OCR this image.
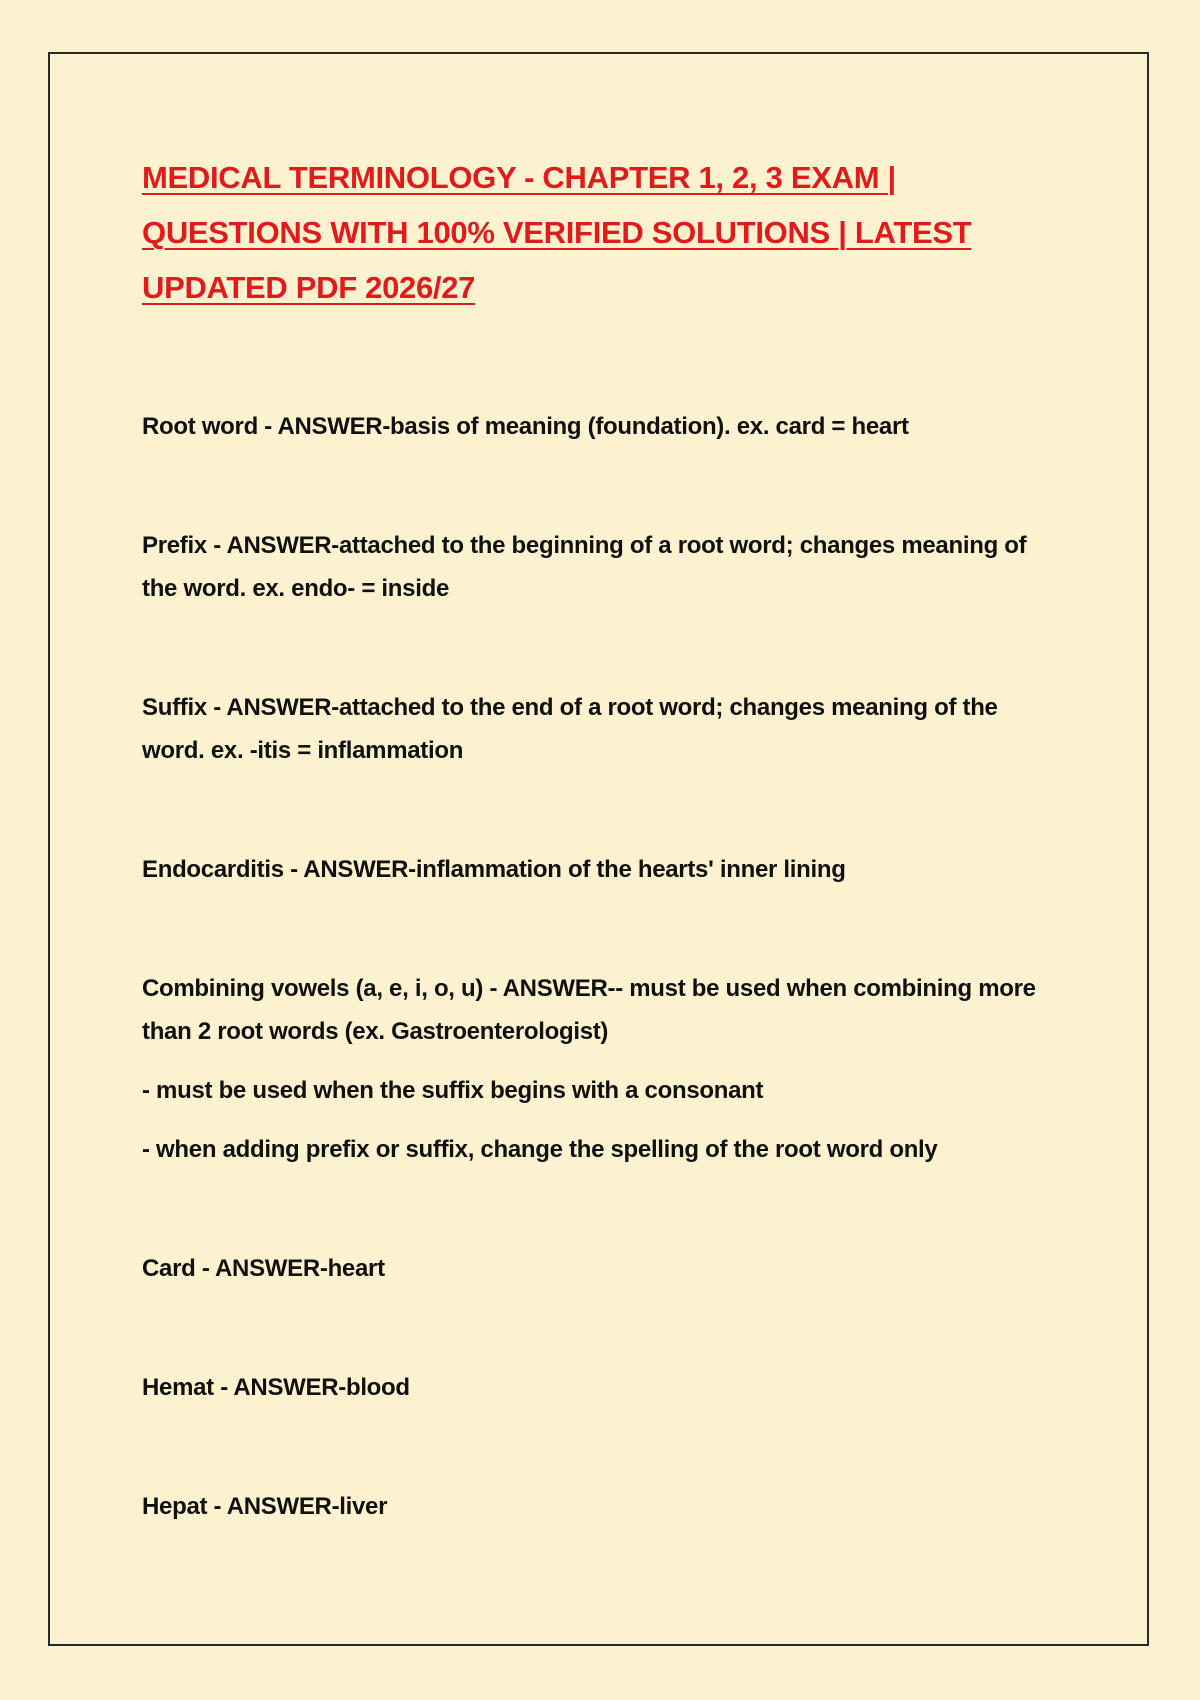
MEDICAL TERMINOLOGY - CHAPTER 1, 2, 3 EXAM |
QUESTIONS WITH 100% VERIFIED SOLUTIONS | LATEST
UPDATED PDF 2026/27

Root word - ANSWER-basis of meaning (foundation). ex. card = heart

Prefix - ANSWER-attached to the beginning of a root word; changes meaning of

the word. ex. endo- = inside

Suffix - ANSWER-attached to the end of a root word; changes meaning of the

word. ex. -itis = inflammation

Endocarditis - ANSWER-inflammation of the hearts' inner lining

Combining vowels (a, e, i, o, u) - ANSWER-- must be used when combining more

than 2 root words (ex. Gastroenterologist)

- must be used when the suffix begins with a consonant

- when adding prefix or suffix, change the spelling of the root word only

Card - ANSWER-heart

Hemat - ANSWER-blood

Hepat - ANSWER-liver
